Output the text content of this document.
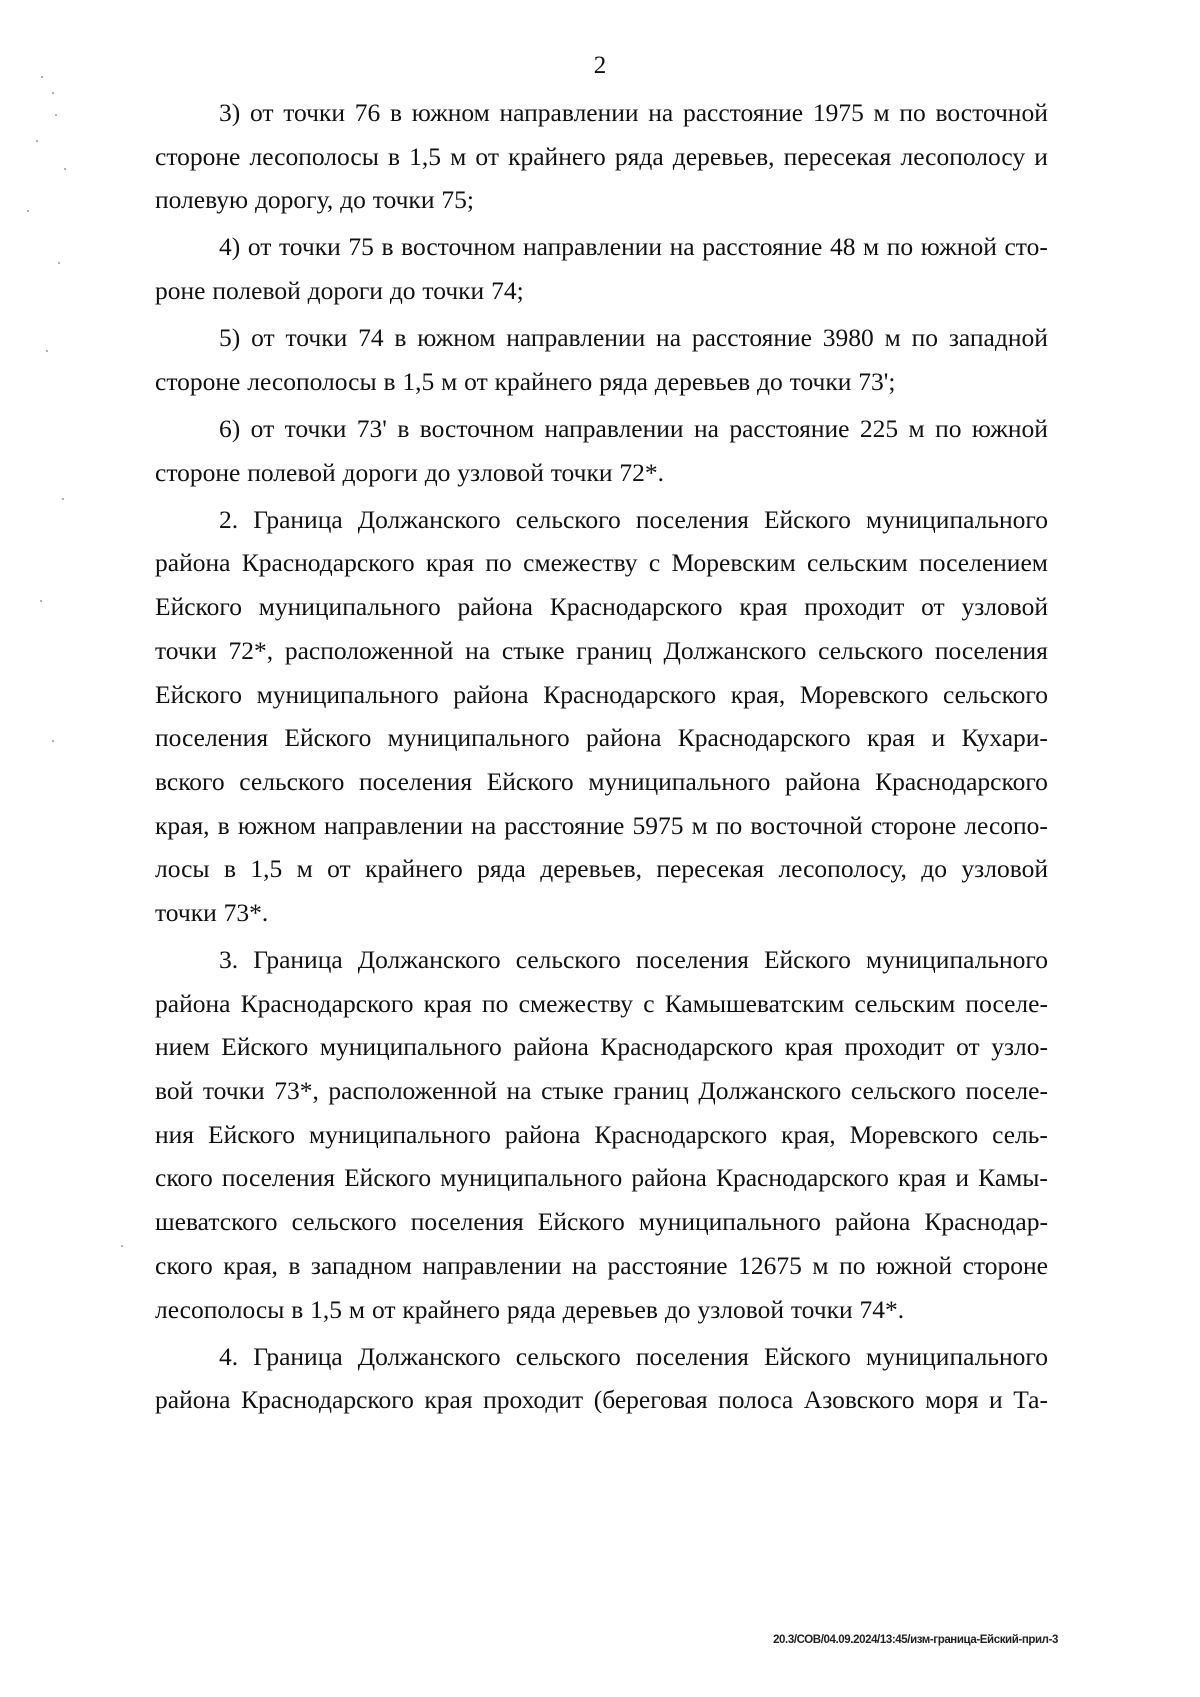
2
3) от точки 76 в южном направлении на расстояние 1975 м по восточной
стороне лесополосы в 1,5 м от крайнего ряда деревьев, пересекая лесополосу и
полевую дорогу, до точки 75;
4) от точки 75 в восточном направлении на расстояние 48 м по южной сто-
роне полевой дороги до точки 74;
5) от точки 74 в южном направлении на расстояние 3980 м по западной
стороне лесополосы в 1,5 м от крайнего ряда деревьев до точки 73';
6) от точки 73' в восточном направлении на расстояние 225 м по южной
стороне полевой дороги до узловой точки 72*.
2. Граница Должанского сельского поселения Ейского муниципального
района Краснодарского края по смежеству с Моревским сельским поселением
Ейского муниципального района Краснодарского края проходит от узловой
точки 72*, расположенной на стыке границ Должанского сельского поселения
Ейского муниципального района Краснодарского края, Моревского сельского
поселения Ейского муниципального района Краснодарского края и Кухари-
вского сельского поселения Ейского муниципального района Краснодарского
края, в южном направлении на расстояние 5975 м по восточной стороне лесопо-
лосы в 1,5 м от крайнего ряда деревьев, пересекая лесополосу, до узловой
точки 73*.
3. Граница Должанского сельского поселения Ейского муниципального
района Краснодарского края по смежеству с Камышеватским сельским поселе-
нием Ейского муниципального района Краснодарского края проходит от узло-
вой точки 73*, расположенной на стыке границ Должанского сельского поселе-
ния Ейского муниципального района Краснодарского края, Моревского сель-
ского поселения Ейского муниципального района Краснодарского края и Камы-
шеватского сельского поселения Ейского муниципального района Краснодар-
ского края, в западном направлении на расстояние 12675 м по южной стороне
лесополосы в 1,5 м от крайнего ряда деревьев до узловой точки 74*.
4. Граница Должанского сельского поселения Ейского муниципального
района Краснодарского края проходит (береговая полоса Азовского моря и Та-
20.3/СОВ/04.09.2024/13:45/изм-граница-Ейский-прил-3
